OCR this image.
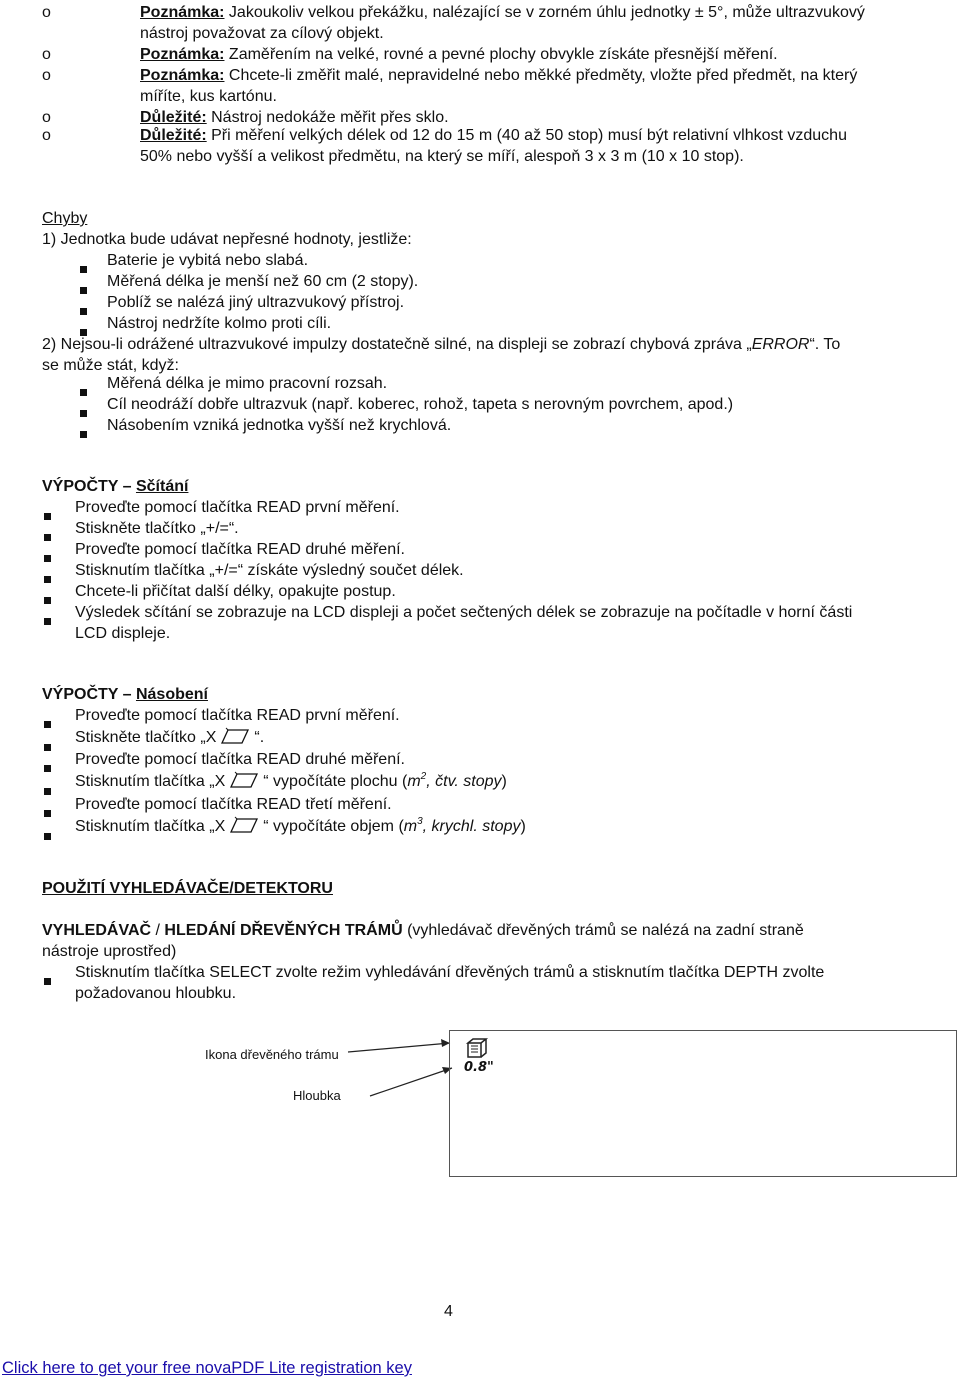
o	Poznámka: Jakoukoliv velkou překážku, nalézající se v zorném úhlu jednotky ± 5°, může ultrazvukový
nástroj považovat za cílový objekt.
o	Poznámka: Zaměřením na velké, rovné a pevné plochy obvykle získáte přesnější měření.
o	Poznámka: Chcete-li změřit malé, nepravidelné nebo měkké předměty, vložte před předmět, na který
míříte, kus kartónu.
o	Důležité: Nástroj nedokáže měřit přes sklo.
o	Důležité: Při měření velkých délek od 12 do 15 m (40 až 50 stop) musí být relativní vlhkost vzduchu
50% nebo vyšší a velikost předmětu, na který se míří, alespoň 3 x 3 m (10 x 10 stop).
Chyby
1) Jednotka bude udávat nepřesné hodnoty, jestliže:
Baterie je vybitá nebo slabá.
Měřená délka je menší než 60 cm (2 stopy).
Poblíž se nalézá jiný ultrazvukový přístroj.
Nástroj nedržíte kolmo proti cíli.
2) Nejsou-li odrážené ultrazvukové impulzy dostatečně silné, na displeji se zobrazí chybová zpráva „ERROR“. To
se může stát, když:
Měřená délka je mimo pracovní rozsah.
Cíl neodráží dobře ultrazvuk (např. koberec, rohož, tapeta s nerovným povrchem, apod.)
Násobením vzniká jednotka vyšší než krychlová.
VÝPOČTY – Sčítání
Proveďte pomocí tlačítka READ první měření.
Stiskněte tlačítko „+/=“.
Proveďte pomocí tlačítka READ druhé měření.
Stisknutím tlačítka „+/=“ získáte výsledný součet délek.
Chcete-li přičítat další délky, opakujte postup.
Výsledek sčítání se zobrazuje na LCD displeji a počet sečtených délek se zobrazuje na počítadle v horní části
LCD displeje.
VÝPOČTY – Násobení
Proveďte pomocí tlačítka READ první měření.
Stiskněte tlačítko „X “.
Proveďte pomocí tlačítka READ druhé měření.
Stisknutím tlačítka „X “ vypočítáte plochu ($m^2$, čtv. stopy)
Proveďte pomocí tlačítka READ třetí měření.
Stisknutím tlačítka „X “ vypočítáte objem ($m^3$, krychl. stopy)
POUŽITÍ VYHLEDÁVAČE/DETEKTORU
VYHLEDÁVAČ / HLEDÁNÍ DŘEVĚNÝCH TRÁMŮ (vyhledávač dřevěných trámů se nalézá na zadní straně
nástroje uprostřed)
Stisknutím tlačítka SELECT zvolte režim vyhledávání dřevěných trámů a stisknutím tlačítka DEPTH zvolte
požadovanou hloubku.
Ikona dřevěného trámu
Hloubka
0.8"
4
Click here to get your free novaPDF Lite registration key
